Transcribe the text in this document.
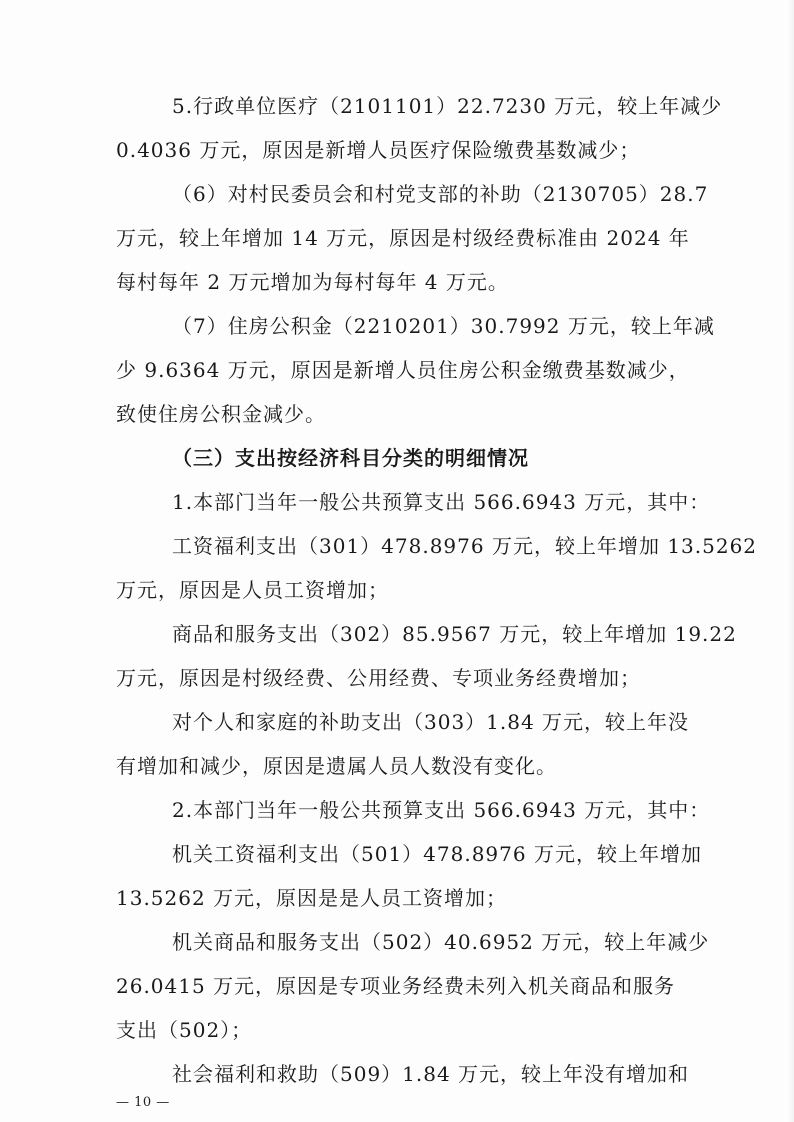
5.行政单位医疗（2101101）22.7230 万元，较上年减少
0.4036 万元，原因是新增人员医疗保险缴费基数减少；
（6）对村民委员会和村党支部的补助（2130705）28.7
万元，较上年增加 14 万元，原因是村级经费标准由 2024 年
每村每年 2 万元增加为每村每年 4 万元。
（7）住房公积金（2210201）30.7992 万元，较上年减
少 9.6364 万元，原因是新增人员住房公积金缴费基数减少，
致使住房公积金减少。
（三）支出按经济科目分类的明细情况
1.本部门当年一般公共预算支出 566.6943 万元，其中：
工资福利支出（301）478.8976 万元，较上年增加 13.5262
万元，原因是人员工资增加；
商品和服务支出（302）85.9567 万元，较上年增加 19.22
万元，原因是村级经费、公用经费、专项业务经费增加；
对个人和家庭的补助支出（303）1.84 万元，较上年没
有增加和减少，原因是遗属人员人数没有变化。
2.本部门当年一般公共预算支出 566.6943 万元，其中：
机关工资福利支出（501）478.8976 万元，较上年增加
13.5262 万元，原因是是人员工资增加；
机关商品和服务支出（502）40.6952 万元，较上年减少
— 10 —
26.0415 万元，原因是专项业务经费未列入机关商品和服务
支出（502）；
社会福利和救助（509）1.84 万元，较上年没有增加和
